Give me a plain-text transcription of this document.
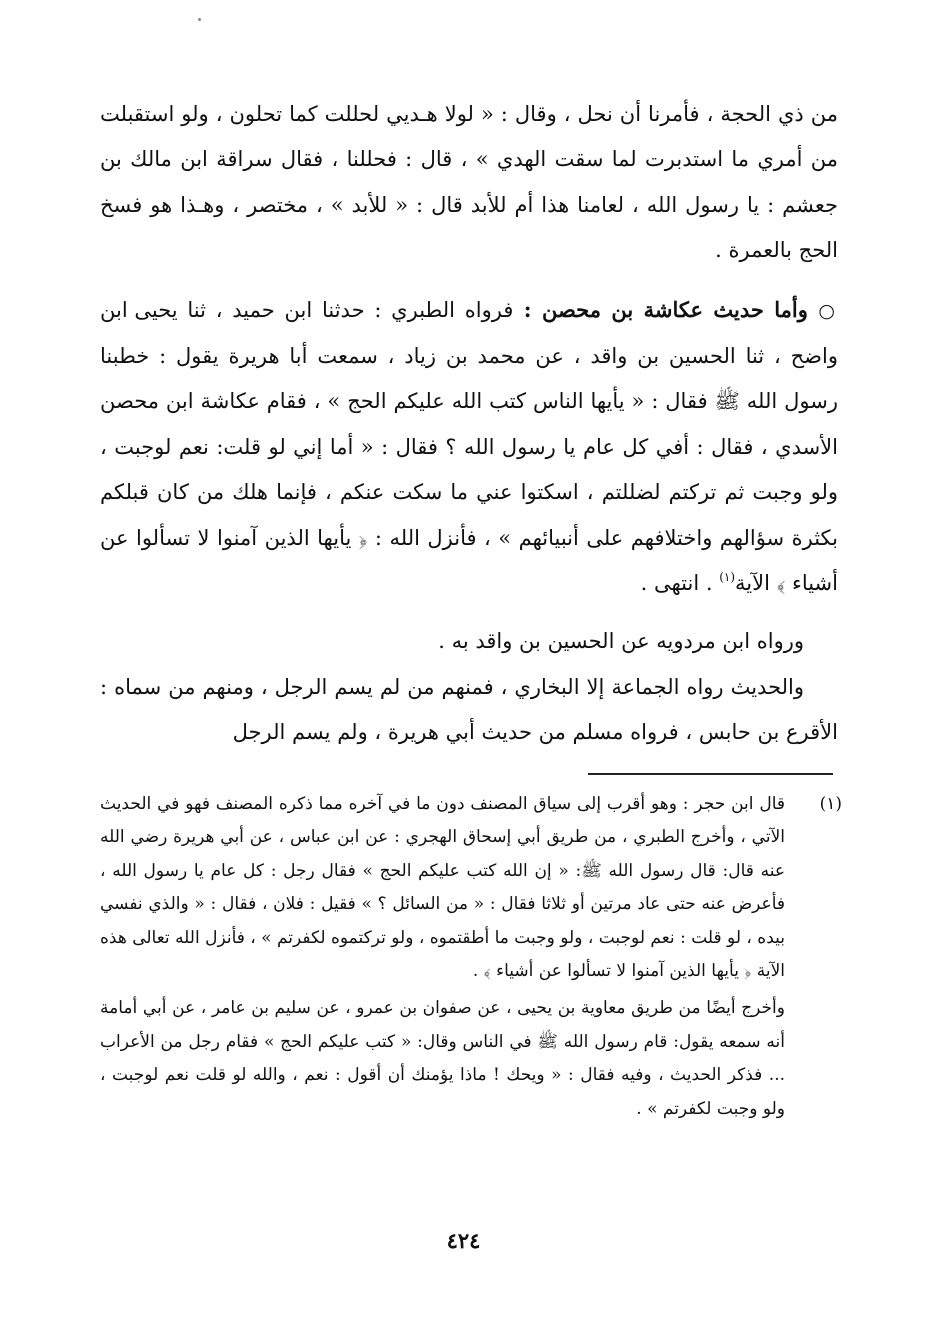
من ذي الحجة ، فأمرنا أن نحل ، وقال : « لولا هـديي لحللت كما تحلون ، ولو استقبلت من أمري ما استدبرت لما سقت الهدي » ، قال : فحللنا ، فقال سراقة ابن مالك بن جعشم : يا رسول الله ، لعامنا هذا أم للأبد قال : « للأبد » ، مختصر ، وهـذا هو فسخ الحج بالعمرة .

○ وأما حديث عكاشة بن محصن : فرواه الطبري : حدثنا ابن حميد ، ثنا يحيى ابن واضح ، ثنا الحسين بن واقد ، عن محمد بن زياد ، سمعت أبا هريرة يقول : خطبنا رسول الله ﷺ فقال : « يأيها الناس كتب الله عليكم الحج » ، فقام عكاشة ابن محصن الأسدي ، فقال : أفي كل عام يا رسول الله ؟ فقال : « أما إني لو قلت: نعم لوجبت ، ولو وجبت ثم تركتم لضللتم ، اسكتوا عني ما سكت عنكم ، فإنما هلك من كان قبلكم بكثرة سؤالهم واختلافهم على أنبيائهم » ، فأنزل الله : ﴿ يأيها الذين آمنوا لا تسألوا عن أشياء ﴾ الآية$^{(١)}$ . انتهى .

ورواه ابن مردويه عن الحسين بن واقد به .

والحديث رواه الجماعة إلا البخاري ، فمنهم من لم يسم الرجل ، ومنهم من سماه : الأقرع بن حابس ، فرواه مسلم من حديث أبي هريرة ، ولم يسم الرجل

(١)

قال ابن حجر : وهو أقرب إلى سياق المصنف دون ما في آخره مما ذكره المصنف فهو في الحديث الآتي ، وأخرج الطبري ، من طريق أبي إسحاق الهجري : عن ابن عباس ، عن أبي هريرة رضي الله عنه قال: قال رسول الله ﷺ: « إن الله كتب عليكم الحج » فقال رجل : كل عام يا رسول الله ، فأعرض عنه حتى عاد مرتين أو ثلاثا فقال : « من السائل ؟ » فقيل : فلان ، فقال : « والذي نفسي بيده ، لو قلت : نعم لوجبت ، ولو وجبت ما أطقتموه ، ولو تركتموه لكفرتم » ، فأنزل الله تعالى هذه الآية ﴿ يأيها الذين آمنوا لا تسألوا عن أشياء ﴾ .

وأخرج أيضًا من طريق معاوية بن يحيى ، عن صفوان بن عمرو ، عن سليم بن عامر ، عن أبي أمامة أنه سمعه يقول: قام رسول الله ﷺ في الناس وقال: « كتب عليكم الحج » فقام رجل من الأعراب ... فذكر الحديث ، وفيه فقال : « ويحك ! ماذا يؤمنك أن أقول : نعم ، والله لو قلت نعم لوجبت ، ولو وجبت لكفرتم » .

٤٢٤
